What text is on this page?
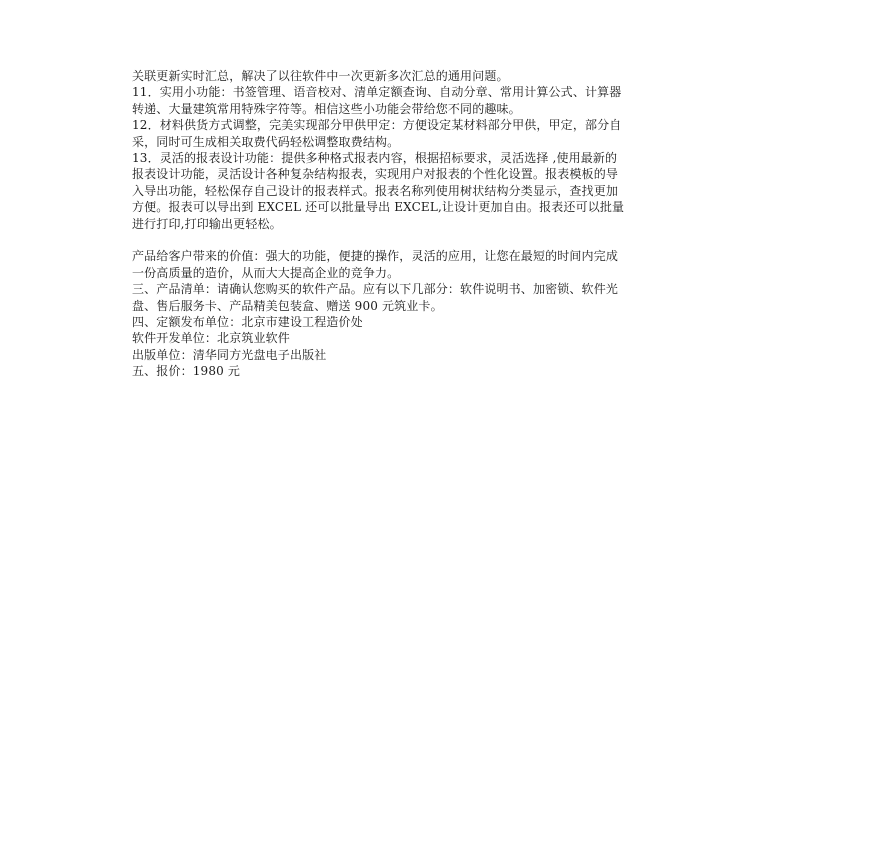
关联更新实时汇总，解决了以往软件中一次更新多次汇总的通用问题。
11．实用小功能：书签管理、语音校对、清单定额查询、自动分章、常用计算公式、计算器
转递、大量建筑常用特殊字符等。相信这些小功能会带给您不同的趣味。
12．材料供货方式调整，完美实现部分甲供甲定：方便设定某材料部分甲供，甲定，部分自
采，同时可生成相关取费代码轻松调整取费结构。
13．灵活的报表设计功能：提供多种格式报表内容，根据招标要求，灵活选择 ,使用最新的
报表设计功能，灵活设计各种复杂结构报表，实现用户对报表的个性化设置。报表模板的导
入导出功能，轻松保存自己设计的报表样式。报表名称列使用树状结构分类显示，查找更加
方便。报表可以导出到 EXCEL 还可以批量导出 EXCEL,让设计更加自由。报表还可以批量
进行打印,打印输出更轻松。
产品给客户带来的价值：强大的功能，便捷的操作，灵活的应用，让您在最短的时间内完成
一份高质量的造价，从而大大提高企业的竞争力。
三、产品清单：请确认您购买的软件产品。应有以下几部分：软件说明书、加密锁、软件光
盘、售后服务卡、产品精美包装盒、赠送 900 元筑业卡。
四、定额发布单位：北京市建设工程造价处
软件开发单位：北京筑业软件
出版单位：清华同方光盘电子出版社
五、报价：1980 元
